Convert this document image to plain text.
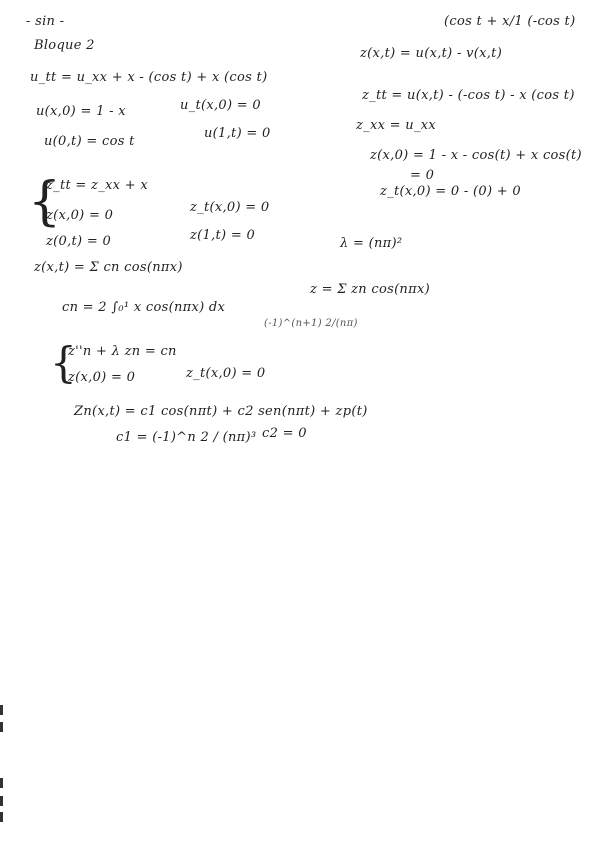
- sin -
Bloque 2
(cos t + x/1 (-cos t)
u_tt = u_xx + x - (cos t) + x (cos t)
u(x,0) = 1 - x	u_t(x,0) = 0
u(0,t) = cos t
u(1,t) = 0
z(x,t) = u(x,t) - v(x,t)
z_tt = u(x,t) - (-cos t) - x (cos t)
z_xx = u_xx
z(x,0) = 1 - x - cos(t) + x cos(t)
= 0
z_t(x,0) = 0 - (0) + 0
{
z_tt = z_xx + x
z(x,0) = 0
z_t(x,0) = 0
z(0,t) = 0	z(1,t) = 0
λ = (nπ)²
z(x,t) = Σ cn cos(nπx)
z = Σ zn cos(nπx)
cn = 2 ∫₀¹ x cos(nπx) dx
(-1)^(n+1) 2/(nπ)
{
z''n + λ zn = cn
z(x,0) = 0	z_t(x,0) = 0
Zn(x,t) = c1 cos(nπt) + c2 sen(nπt) + zp(t)
c1 = (-1)^n 2 / (nπ)³ c2 = 0
